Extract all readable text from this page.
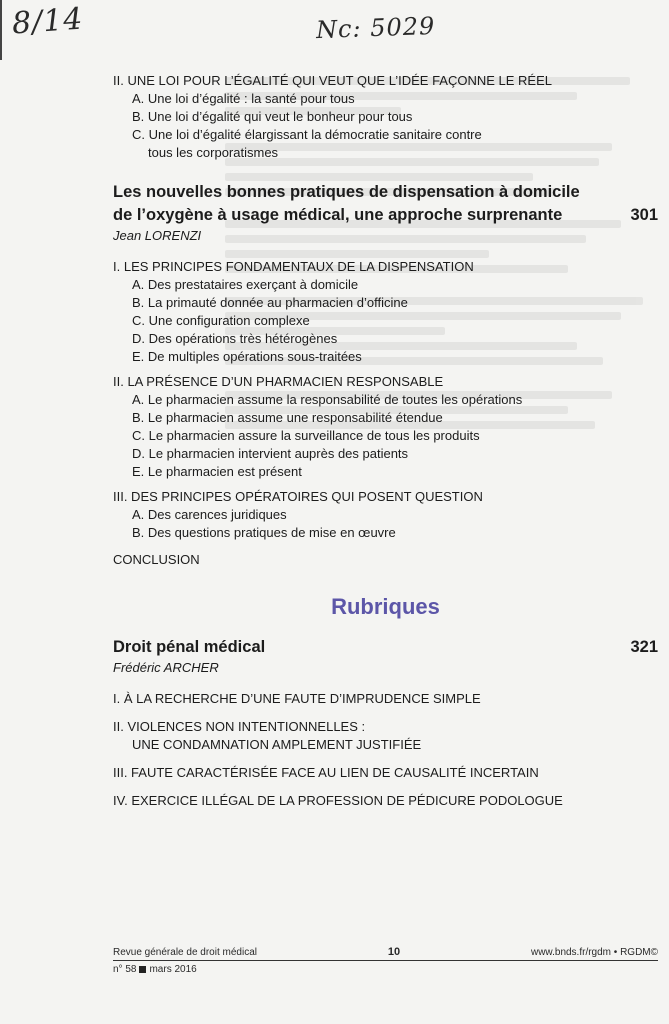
8/14	Nc: 5029

II. UNE LOI POUR L’ÉGALITÉ QUI VEUT QUE L’IDÉE FAÇONNE LE RÉEL

A. Une loi d’égalité : la santé pour tous

B. Une loi d’égalité qui veut le bonheur pour tous

C. Une loi d’égalité élargissant la démocratie sanitaire contre
tous les corporatismes

Les nouvelles bonnes pratiques de dispensation à domicile
de l’oxygène à usage médical, une approche surprenante	301

Jean LORENZI

I. LES PRINCIPES FONDAMENTAUX DE LA DISPENSATION

A. Des prestataires exerçant à domicile

B. La primauté donnée au pharmacien d’officine

C. Une configuration complexe

D. Des opérations très hétérogènes

E. De multiples opérations sous-traitées

II. LA PRÉSENCE D’UN PHARMACIEN RESPONSABLE

A. Le pharmacien assume la responsabilité de toutes les opérations

B. Le pharmacien assume une responsabilité étendue

C. Le pharmacien assure la surveillance de tous les produits

D. Le pharmacien intervient auprès des patients

E. Le pharmacien est présent

III. DES PRINCIPES OPÉRATOIRES QUI POSENT QUESTION

A. Des carences juridiques

B. Des questions pratiques de mise en œuvre

CONCLUSION

Rubriques

Droit pénal médical	321

Frédéric ARCHER

I. À LA RECHERCHE D’UNE FAUTE D’IMPRUDENCE SIMPLE

II. VIOLENCES NON INTENTIONNELLES :
UNE CONDAMNATION AMPLEMENT JUSTIFIÉE

III. FAUTE CARACTÉRISÉE FACE AU LIEN DE CAUSALITÉ INCERTAIN

IV. EXERCICE ILLÉGAL DE LA PROFESSION DE PÉDICURE PODOLOGUE

Revue générale de droit médical	10	www.bnds.fr/rgdm • RGDM©
n° 58 mars 2016
